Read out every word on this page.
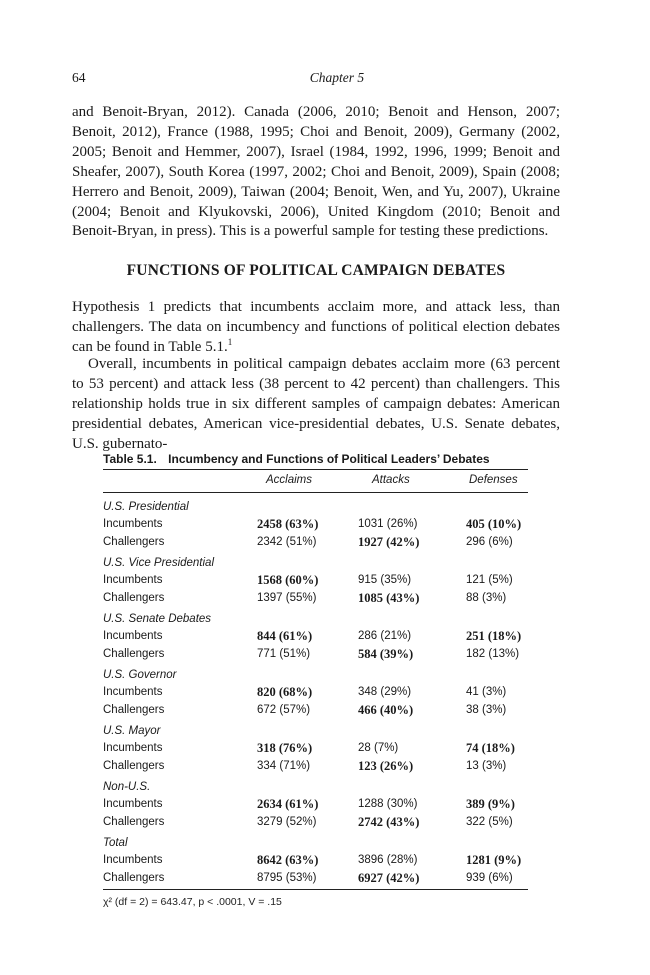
64	Chapter 5
and Benoit-Bryan, 2012). Canada (2006, 2010; Benoit and Henson, 2007; Benoit, 2012), France (1988, 1995; Choi and Benoit, 2009), Germany (2002, 2005; Benoit and Hemmer, 2007), Israel (1984, 1992, 1996, 1999; Benoit and Sheafer, 2007), South Korea (1997, 2002; Choi and Benoit, 2009), Spain (2008; Herrero and Benoit, 2009), Taiwan (2004; Benoit, Wen, and Yu, 2007), Ukraine (2004; Benoit and Klyukovski, 2006), United Kingdom (2010; Benoit and Benoit-Bryan, in press). This is a powerful sample for testing these predictions.
FUNCTIONS OF POLITICAL CAMPAIGN DEBATES
Hypothesis 1 predicts that incumbents acclaim more, and attack less, than challengers. The data on incumbency and functions of political election debates can be found in Table 5.1.$^1$
Overall, incumbents in political campaign debates acclaim more (63 percent to 53 percent) and attack less (38 percent to 42 percent) than challengers. This relationship holds true in six different samples of campaign debates: American presidential debates, American vice-presidential debates, U.S. Senate debates, U.S. gubernato-
Table 5.1. Incumbency and Functions of Political Leaders’ Debates
Acclaims	Attacks	Defenses
U.S. Presidential
Incumbents	2458 (63%)	1031 (26%)	405 (10%)
Challengers	2342 (51%)	1927 (42%)	296 (6%)
U.S. Vice Presidential
Incumbents	1568 (60%)	915 (35%)	121 (5%)
Challengers	1397 (55%)	1085 (43%)	88 (3%)
U.S. Senate Debates
Incumbents	844 (61%)	286 (21%)	251 (18%)
Challengers	771 (51%)	584 (39%)	182 (13%)
U.S. Governor
Incumbents	820 (68%)	348 (29%)	41 (3%)
Challengers	672 (57%)	466 (40%)	38 (3%)
U.S. Mayor
Incumbents	318 (76%)	28 (7%)	74 (18%)
Challengers	334 (71%)	123 (26%)	13 (3%)
Non-U.S.
Incumbents	2634 (61%)	1288 (30%)	389 (9%)
Challengers	3279 (52%)	2742 (43%)	322 (5%)
Total
Incumbents	8642 (63%)	3896 (28%)	1281 (9%)
Challengers	8795 (53%)	6927 (42%)	939 (6%)
χ² (df = 2) = 643.47, p < .0001, V = .15
